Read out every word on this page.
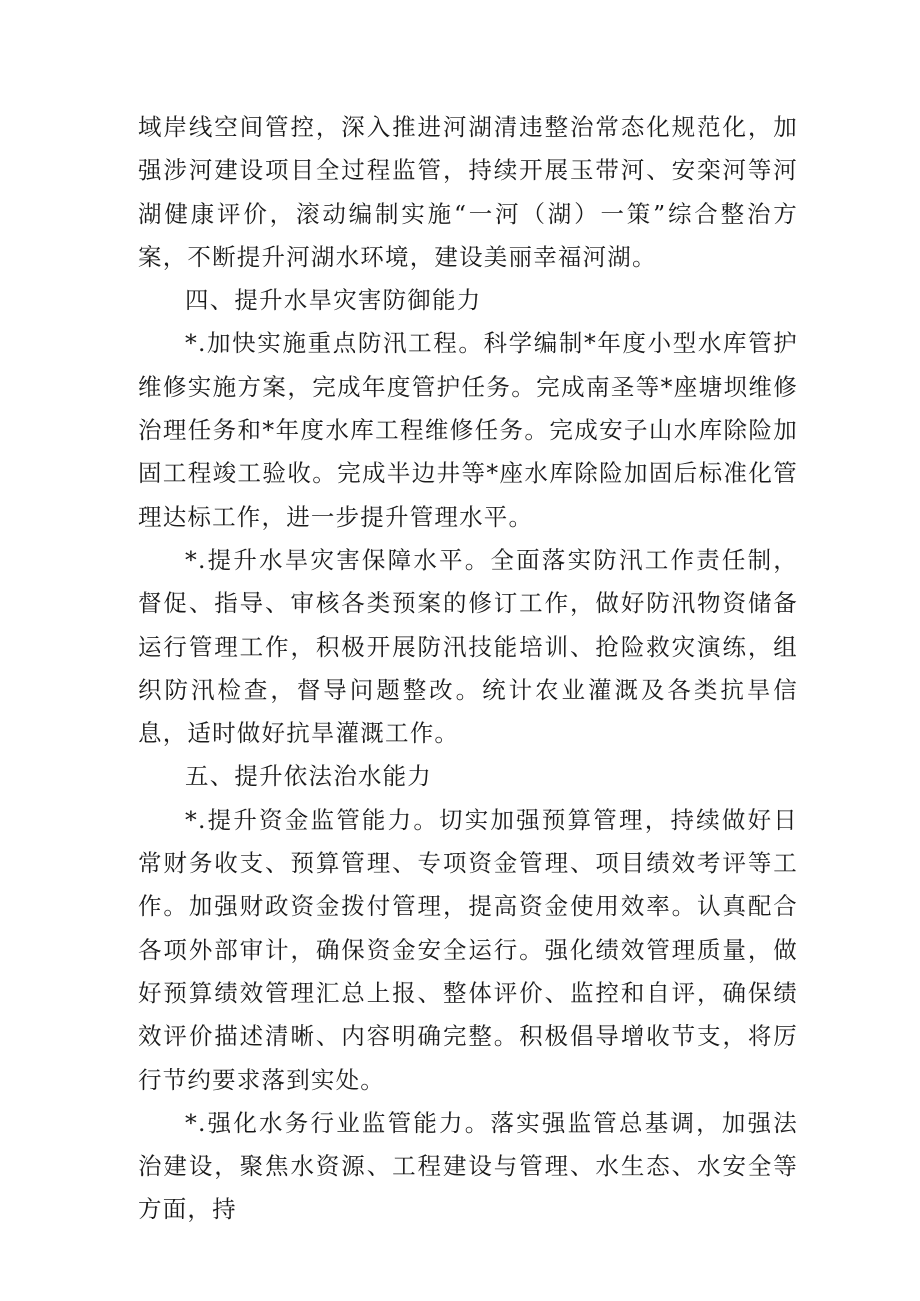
域岸线空间管控，深入推进河湖清违整治常态化规范化，加强涉河建设项目全过程监管，持续开展玉带河、安栾河等河湖健康评价，滚动编制实施“一河（湖）一策”综合整治方案，不断提升河湖水环境，建设美丽幸福河湖。

四、提升水旱灾害防御能力

*.加快实施重点防汛工程。科学编制*年度小型水库管护维修实施方案，完成年度管护任务。完成南圣等*座塘坝维修治理任务和*年度水库工程维修任务。完成安子山水库除险加固工程竣工验收。完成半边井等*座水库除险加固后标准化管理达标工作，进一步提升管理水平。

*.提升水旱灾害保障水平。全面落实防汛工作责任制，督促、指导、审核各类预案的修订工作，做好防汛物资储备运行管理工作，积极开展防汛技能培训、抢险救灾演练，组织防汛检查，督导问题整改。统计农业灌溉及各类抗旱信息，适时做好抗旱灌溉工作。

五、提升依法治水能力

*.提升资金监管能力。切实加强预算管理，持续做好日常财务收支、预算管理、专项资金管理、项目绩效考评等工作。加强财政资金拨付管理，提高资金使用效率。认真配合各项外部审计，确保资金安全运行。强化绩效管理质量，做好预算绩效管理汇总上报、整体评价、监控和自评，确保绩效评价描述清晰、内容明确完整。积极倡导增收节支，将厉行节约要求落到实处。

*.强化水务行业监管能力。落实强监管总基调，加强法治建设，聚焦水资源、工程建设与管理、水生态、水安全等方面，持
